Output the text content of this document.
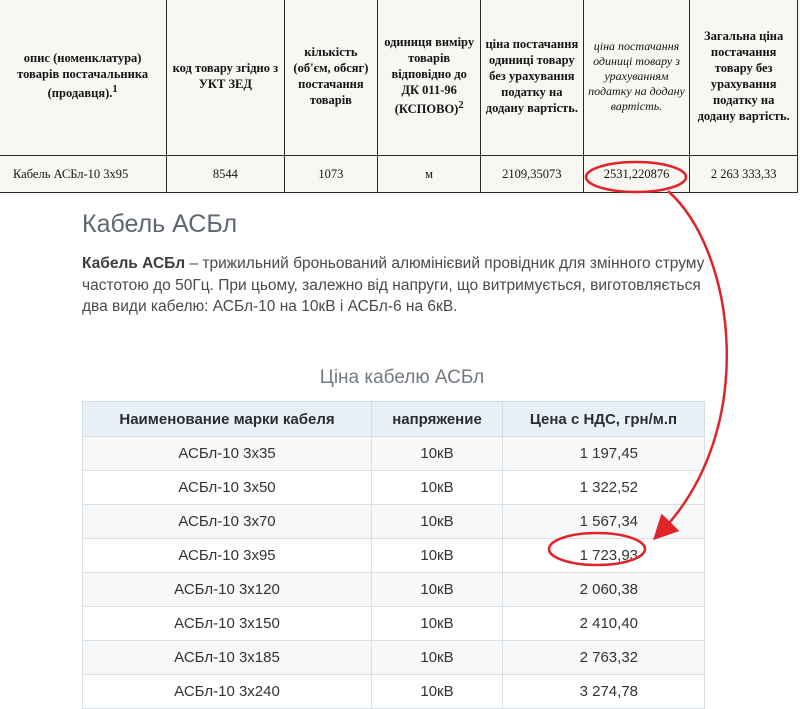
опис (номенклатура) товарів постачальника (продавця).$^1$	код товару згідно з УКТ ЗЕД	кількість (об'єм, обсяг) постачання товарів	одиниця виміру товарів відповідно до ДК 011-96 (КСПОВО)$^2$	ціна постачання одиниці товару без урахування податку на додану вартість.	ціна постачання одиниці товару з урахуванням податку на додану вартість.	Загальна ціна постачання товару без урахування податку на додану вартість.
Кабель АСБл-10 3х95	8544	1073	м	2109,35073	2531,220876	2 263 333,33
Кабель АСБл

Кабель АСБл – трижильний броньований алюмінієвий провідник для змінного струму частотою до 50Гц. При цьому, залежно від напруги, що витримується, виготовляється два види кабелю: АСБл-10 на 10кВ і АСБл-6 на 6кВ.

Ціна кабелю АСБл
Наименование марки кабеля	напряжение	Цена с НДС, грн/м.п
АСБл-10 3х35	10кВ	1 197,45
АСБл-10 3х50	10кВ	1 322,52
АСБл-10 3х70	10кВ	1 567,34
АСБл-10 3х95	10кВ	1 723,93
АСБл-10 3х120	10кВ	2 060,38
АСБл-10 3х150	10кВ	2 410,40
АСБл-10 3х185	10кВ	2 763,32
АСБл-10 3х240	10кВ	3 274,78
